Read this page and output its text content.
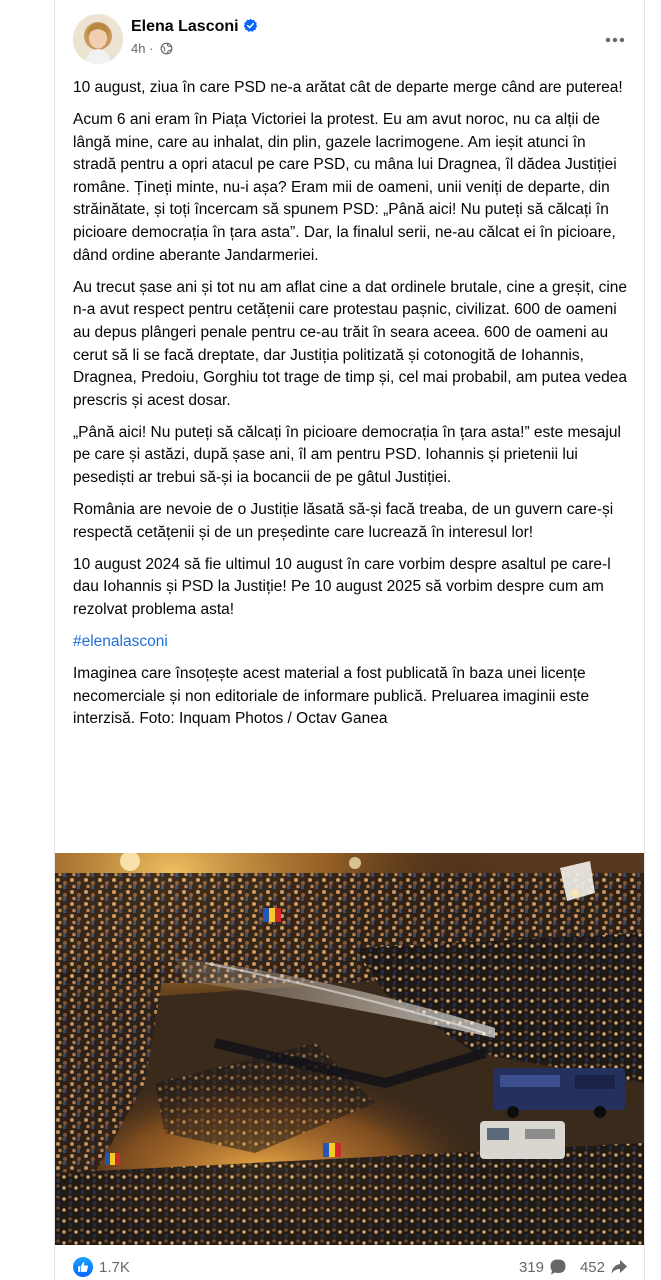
Elena Lasconi
4h ·

10 august, ziua în care PSD ne-a arătat cât de departe merge când are puterea!

Acum 6 ani eram în Piața Victoriei la protest. Eu am avut noroc, nu ca alții de lângă mine, care au inhalat, din plin, gazele lacrimogene. Am ieșit atunci în stradă pentru a opri atacul pe care PSD, cu mâna lui Dragnea, îl dădea Justiției române. Țineți minte, nu-i așa? Eram mii de oameni, unii veniți de departe, din străinătate, și toți încercam să spunem PSD: „Până aici! Nu puteți să călcați în picioare democrația în țara asta”. Dar, la finalul serii, ne-au călcat ei în picioare, dând ordine aberante Jandarmeriei.

Au trecut șase ani și tot nu am aflat cine a dat ordinele brutale, cine a greșit, cine n-a avut respect pentru cetățenii care protestau pașnic, civilizat. 600 de oameni au depus plângeri penale pentru ce-au trăit în seara aceea. 600 de oameni au cerut să li se facă dreptate, dar Justiția politizată și cotonogită de Iohannis, Dragnea, Predoiu, Gorghiu tot trage de timp și, cel mai probabil, am putea vedea prescris și acest dosar.

„Până aici! Nu puteți să călcați în picioare democrația în țara asta!” este mesajul pe care și astăzi, după șase ani, îl am pentru PSD. Iohannis și prietenii lui pesediști ar trebui să-și ia bocancii de pe gâtul Justiției.

România are nevoie de o Justiție lăsată să-și facă treaba, de un guvern care-și respectă cetățenii și de un președinte care lucrează în interesul lor!

10 august 2024 să fie ultimul 10 august în care vorbim despre asaltul pe care-l dau Iohannis și PSD la Justiție! Pe 10 august 2025 să vorbim despre cum am rezolvat problema asta!

#elenalasconi

Imaginea care însoțește acest material a fost publicată în baza unei licențe necomerciale și non editoriale de informare publică. Preluarea imaginii este interzisă. Foto: Inquam Photos / Octav Ganea

1.7K	319 452
